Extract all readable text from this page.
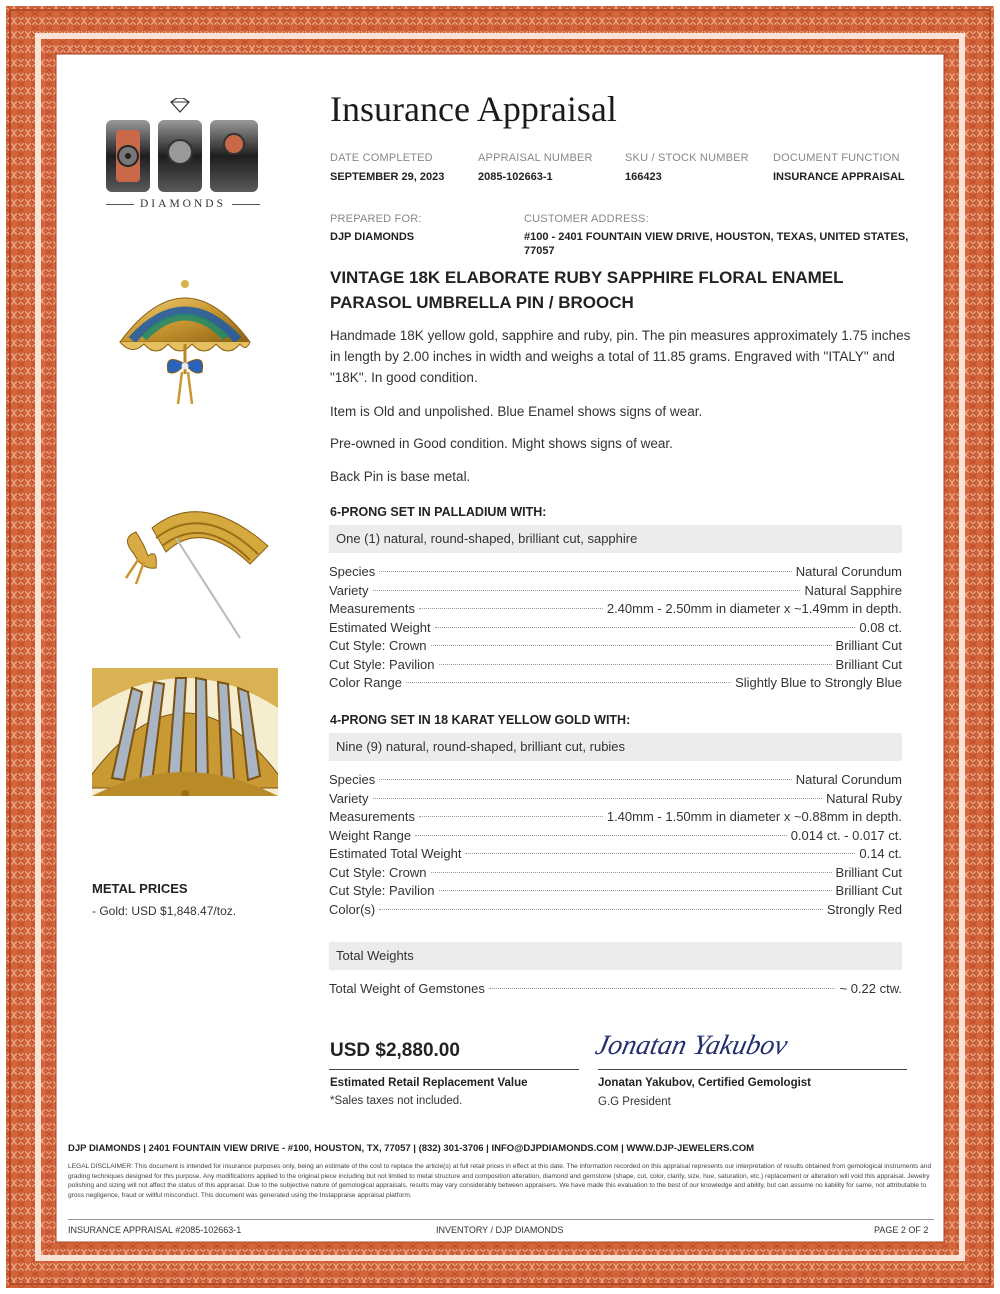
DIAMONDS
Insurance Appraisal
DATE COMPLETED
SEPTEMBER 29, 2023
APPRAISAL NUMBER
2085-102663-1
SKU / STOCK NUMBER
166423
DOCUMENT FUNCTION
INSURANCE APPRAISAL
PREPARED FOR:
DJP DIAMONDS
CUSTOMER ADDRESS:
#100 - 2401 FOUNTAIN VIEW DRIVE, HOUSTON, TEXAS, UNITED STATES,
77057
VINTAGE 18K ELABORATE RUBY SAPPHIRE FLORAL ENAMEL
PARASOL UMBRELLA PIN / BROOCH
Handmade 18K yellow gold, sapphire and ruby, pin. The pin measures approximately 1.75 inches
in length by 2.00 inches in width and weighs a total of 11.85 grams. Engraved with "ITALY" and
"18K". In good condition.
Item is Old and unpolished. Blue Enamel shows signs of wear.
Pre-owned in Good condition. Might shows signs of wear.
Back Pin is base metal.
6-PRONG SET IN PALLADIUM WITH:
One (1) natural, round-shaped, brilliant cut, sapphire
Species	Natural Corundum
Variety	Natural Sapphire
Measurements	2.40mm - 2.50mm in diameter x ~1.49mm in depth.
Estimated Weight	0.08 ct.
Cut Style: Crown	Brilliant Cut
Cut Style: Pavilion	Brilliant Cut
Color Range	Slightly Blue to Strongly Blue
4-PRONG SET IN 18 KARAT YELLOW GOLD WITH:
Nine (9) natural, round-shaped, brilliant cut, rubies
Species	Natural Corundum
Variety	Natural Ruby
Measurements	1.40mm - 1.50mm in diameter x ~0.88mm in depth.
Weight Range	0.014 ct. - 0.017 ct.
Estimated Total Weight	0.14 ct.
Cut Style: Crown	Brilliant Cut
Cut Style: Pavilion	Brilliant Cut
Color(s)	Strongly Red
Total Weights
Total Weight of Gemstones	~ 0.22 ctw.
USD $2,880.00
Estimated Retail Replacement Value
*Sales taxes not included.
Jonatan Yakubov
Jonatan Yakubov, Certified Gemologist
G.G President
METAL PRICES
- Gold: USD $1,848.47/toz.
DJP DIAMONDS | 2401 FOUNTAIN VIEW DRIVE - #100, HOUSTON, TX, 77057 | (832) 301-3706 | INFO@DJPDIAMONDS.COM | WWW.DJP-JEWELERS.COM
LEGAL DISCLAIMER: This document is intended for insurance purposes only, being an estimate of the cost to replace the article(s) at full retail prices in effect at this date. The information recorded on this appraisal represents our interpretation of results obtained from gemological instruments and grading techniques designed for this purpose. Any modifications applied to the original piece including but not limited to metal structure and composition alteration, diamond and gemstone (shape, cut, color, clarity, size, hue, saturation, etc.) replacement or alteration will void this appraisal. Jewelry polishing and sizing will not affect the status of this appraisal. Due to the subjective nature of gemological appraisals, results may vary considerably between appraisers. We have made this evaluation to the best of our knowledge and ability, but can assume no liability for same, not attributable to gross negligence, fraud or willful misconduct. This document was generated using the Instappraise appraisal platform.
INSURANCE APPRAISAL #2085-102663-1	INVENTORY / DJP DIAMONDS	PAGE 2 OF 2
